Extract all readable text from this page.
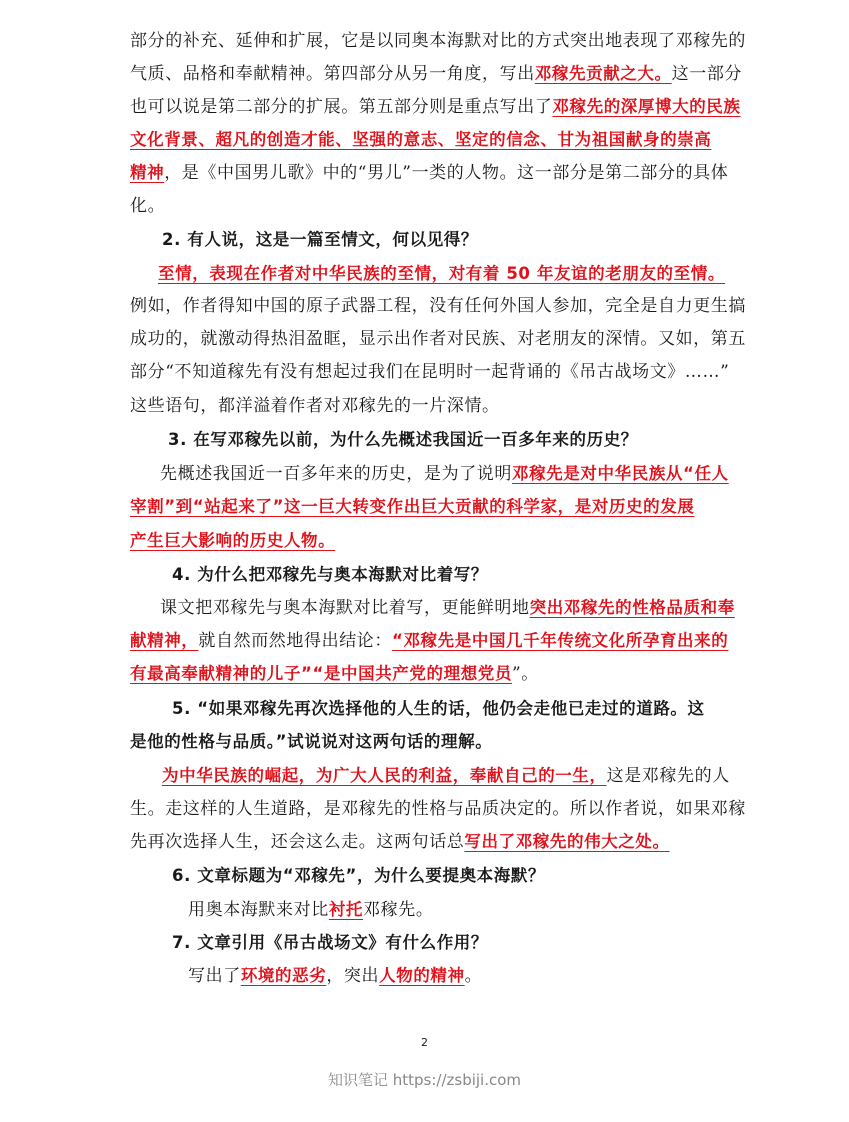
部分的补充、延伸和扩展，它是以同奥本海默对比的方式突出地表现了邓稼先的
气质、品格和奉献精神。第四部分从另一角度，写出邓稼先贡献之大。这一部分
也可以说是第二部分的扩展。第五部分则是重点写出了邓稼先的深厚博大的民族
文化背景、超凡的创造才能、坚强的意志、坚定的信念、甘为祖国献身的崇高
精神，是《中国男儿歌》中的“男儿”一类的人物。这一部分是第二部分的具体
化。
2. 有人说，这是一篇至情文，何以见得？
至情，表现在作者对中华民族的至情，对有着 50 年友谊的老朋友的至情。
例如，作者得知中国的原子武器工程，没有任何外国人参加，完全是自力更生搞
成功的，就激动得热泪盈眶，显示出作者对民族、对老朋友的深情。又如，第五
部分“不知道稼先有没有想起过我们在昆明时一起背诵的《吊古战场文》……”
这些语句，都洋溢着作者对邓稼先的一片深情。
3. 在写邓稼先以前，为什么先概述我国近一百多年来的历史？
先概述我国近一百多年来的历史，是为了说明邓稼先是对中华民族从“任人
宰割”到“站起来了”这一巨大转变作出巨大贡献的科学家，是对历史的发展
产生巨大影响的历史人物。
4. 为什么把邓稼先与奥本海默对比着写？
课文把邓稼先与奥本海默对比着写，更能鲜明地突出邓稼先的性格品质和奉
献精神，就自然而然地得出结论：“邓稼先是中国几千年传统文化所孕育出来的
有最高奉献精神的儿子”“是中国共产党的理想党员”。
5. “如果邓稼先再次选择他的人生的话，他仍会走他已走过的道路。这
是他的性格与品质。”试说说对这两句话的理解。
为中华民族的崛起，为广大人民的利益，奉献自己的一生，这是邓稼先的人
生。走这样的人生道路，是邓稼先的性格与品质决定的。所以作者说，如果邓稼
先再次选择人生，还会这么走。这两句话总写出了邓稼先的伟大之处。
6. 文章标题为“邓稼先”，为什么要提奥本海默？
用奥本海默来对比衬托邓稼先。
7. 文章引用《吊古战场文》有什么作用？
写出了环境的恶劣，突出人物的精神。
2
知识笔记 https://zsbiji.com
